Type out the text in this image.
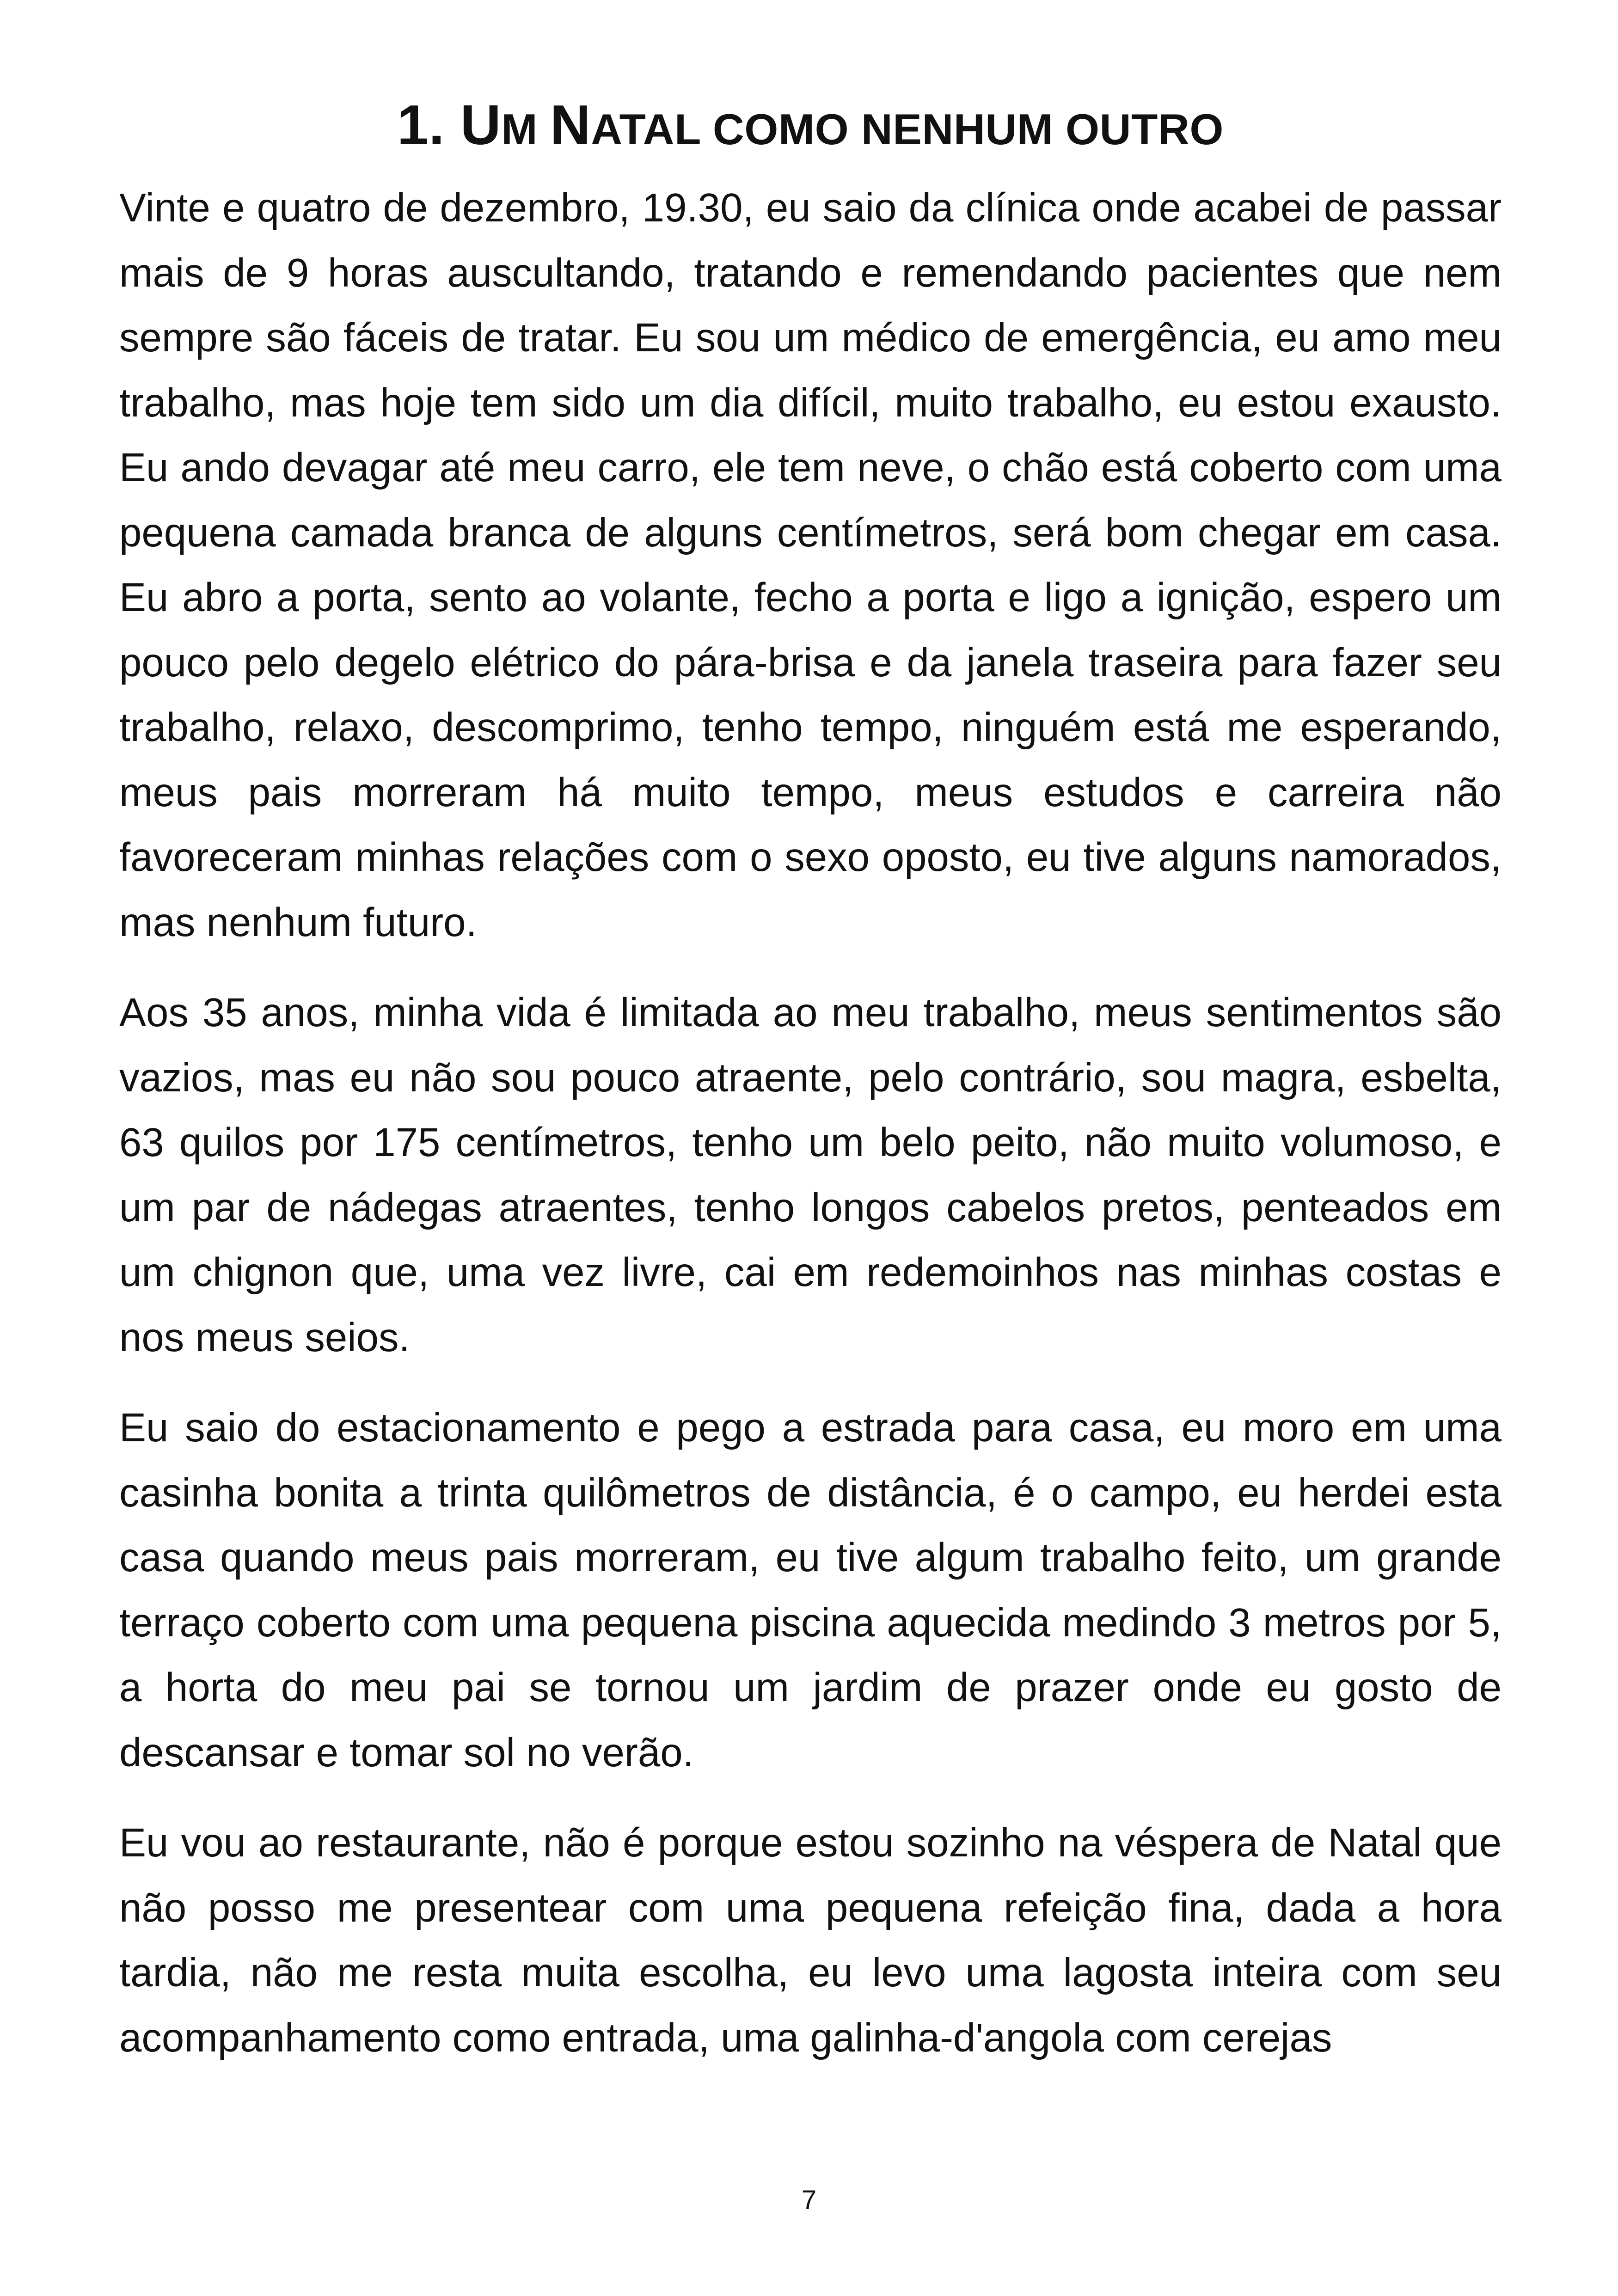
1. UM NATAL COMO NENHUM OUTRO

Vinte e quatro de dezembro, 19.30, eu saio da clínica onde acabei de passar mais de 9 horas auscultando, tratando e remendando pacientes que nem sempre são fáceis de tratar. Eu sou um médico de emergência, eu amo meu trabalho, mas hoje tem sido um dia difícil, muito trabalho, eu estou exausto. Eu ando devagar até meu carro, ele tem neve, o chão está coberto com uma pequena camada branca de alguns centímetros, será bom chegar em casa. Eu abro a porta, sento ao volante, fecho a porta e ligo a ignição, espero um pouco pelo degelo elétrico do pára-brisa e da janela traseira para fazer seu trabalho, relaxo, descomprimo, tenho tempo, ninguém está me esperando, meus pais morreram há muito tempo, meus estudos e carreira não favoreceram minhas relações com o sexo oposto, eu tive alguns namorados, mas nenhum futuro.

Aos 35 anos, minha vida é limitada ao meu trabalho, meus sentimentos são vazios, mas eu não sou pouco atraente, pelo contrário, sou magra, esbelta, 63 quilos por 175 centímetros, tenho um belo peito, não muito volumoso, e um par de nádegas atraentes, tenho longos cabelos pretos, penteados em um chignon que, uma vez livre, cai em redemoinhos nas minhas costas e nos meus seios.

Eu saio do estacionamento e pego a estrada para casa, eu moro em uma casinha bonita a trinta quilômetros de distância, é o campo, eu herdei esta casa quando meus pais morreram, eu tive algum trabalho feito, um grande terraço coberto com uma pequena piscina aquecida medindo 3 metros por 5, a horta do meu pai se tornou um jardim de prazer onde eu gosto de descansar e tomar sol no verão.

Eu vou ao restaurante, não é porque estou sozinho na véspera de Natal que não posso me presentear com uma pequena refeição fina, dada a hora tardia, não me resta muita escolha, eu levo uma lagosta inteira com seu acompanhamento como entrada, uma galinha-d'angola com cerejas

7
